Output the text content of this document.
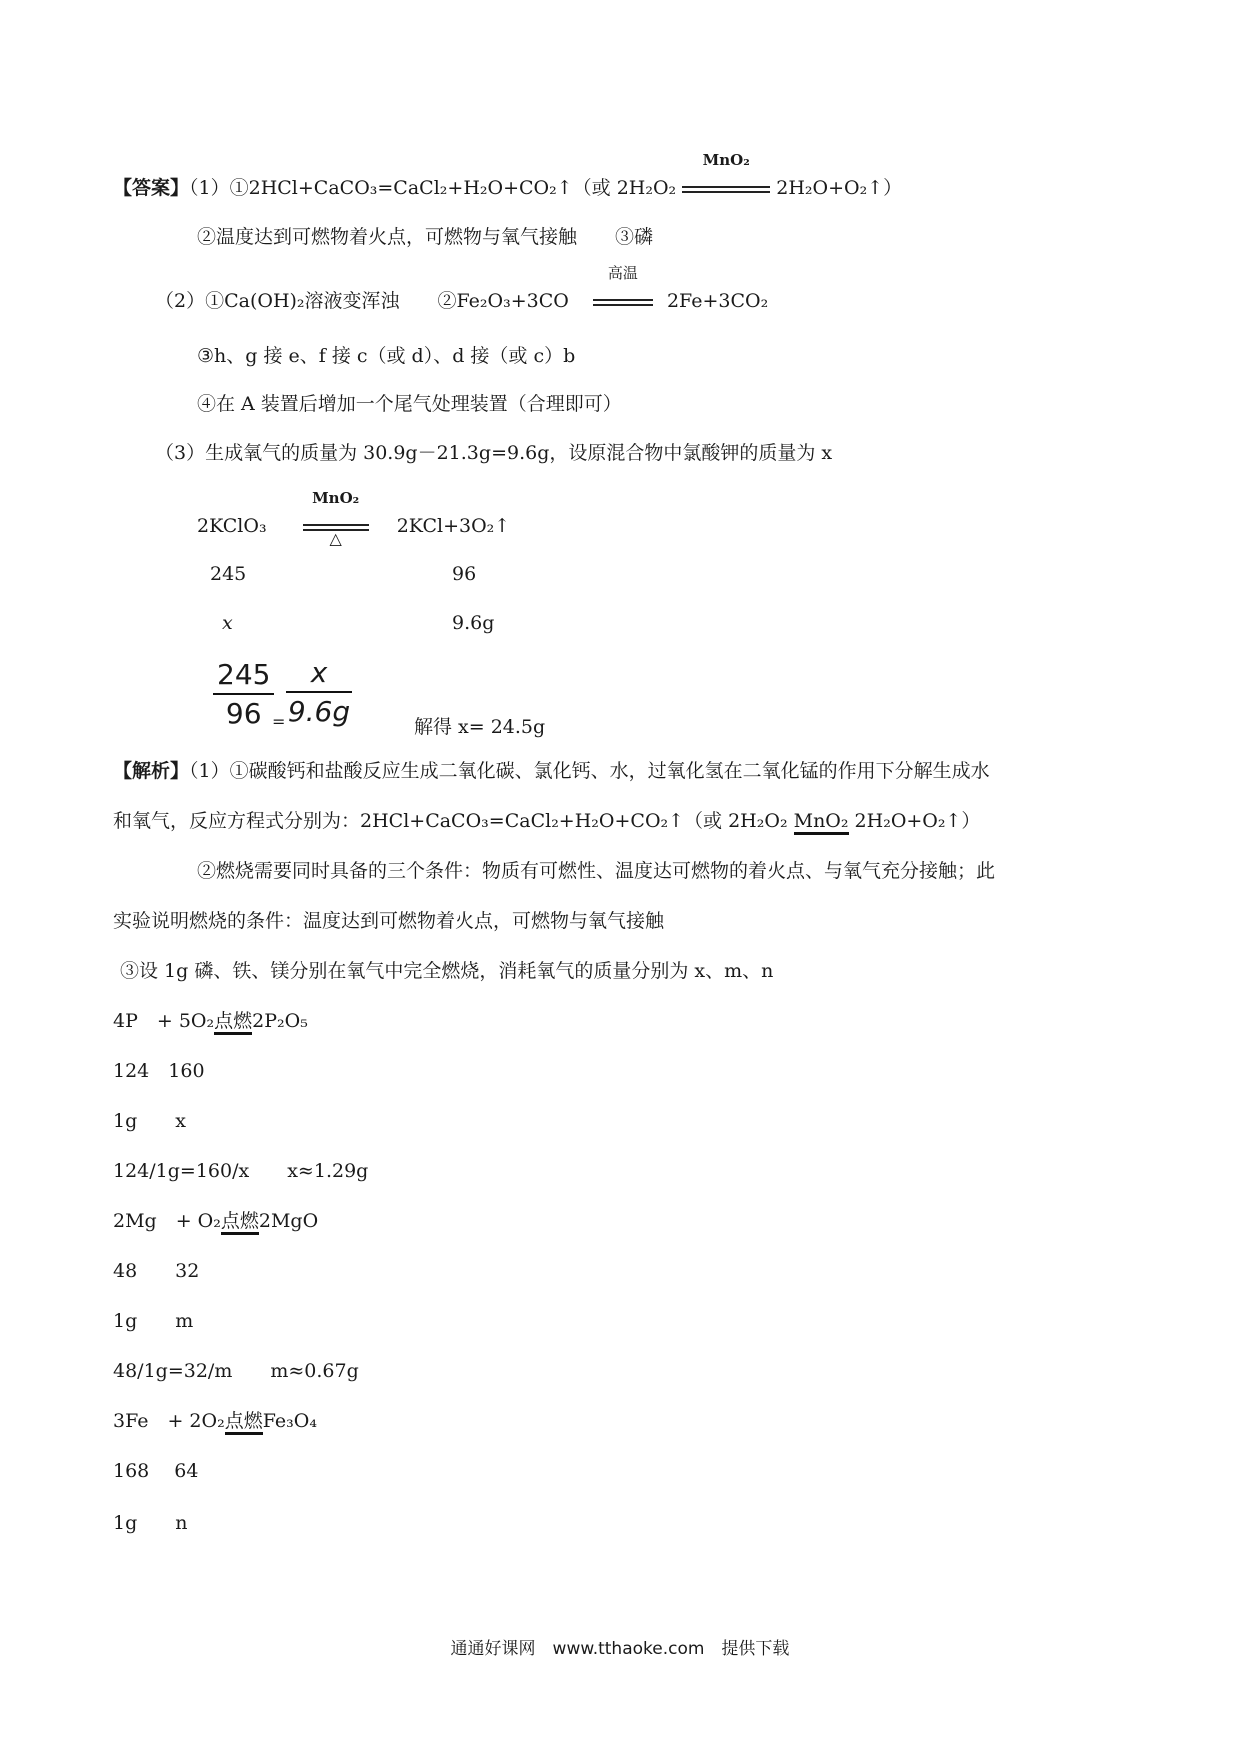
【答案】（1）①2HCl+CaCO₃=CaCl₂+H₂O+CO₂↑（或 2H₂O₂
MnO₂
2H₂O+O₂↑）
②温度达到可燃物着火点，可燃物与氧气接触　　③磷
（2）①Ca(OH)₂溶液变浑浊　　②Fe₂O₃+3CO
高温
2Fe+3CO₂
③h、g 接 e、f 接 c（或 d）、d 接（或 c）b
④在 A 装置后增加一个尾气处理装置（合理即可）
（3）生成氧气的质量为 30.9g－21.3g=9.6g，设原混合物中氯酸钾的质量为 x
2KClO₃
MnO₂
△
2KCl+3O₂↑
245	96
x	9.6g
$\frac{245}{96}$
= $\frac{x}{9.6g}$	解得 x= 24.5g
【解析】（1）①碳酸钙和盐酸反应生成二氧化碳、氯化钙、水，过氧化氢在二氧化锰的作用下分解生成水
和氧气，反应方程式分别为：2HCl+CaCO₃=CaCl₂+H₂O+CO₂↑（或 2H₂O₂ MnO₂ 2H₂O+O₂↑）
②燃烧需要同时具备的三个条件：物质有可燃性、温度达可燃物的着火点、与氧气充分接触；此
实验说明燃烧的条件：温度达到可燃物着火点，可燃物与氧气接触
③设 1g 磷、铁、镁分别在氧气中完全燃烧，消耗氧气的质量分别为 x、m、n
4P　+ 5O₂点燃2P₂O₅
124　160
1g　　x
124/1g=160/x　　x≈1.29g
2Mg　+ O₂点燃2MgO
48　　32
1g　　m
48/1g=32/m　　m≈0.67g
3Fe　+ 2O₂点燃Fe₃O₄
168　 64
1g　　n
通通好课网　www.tthaoke.com　提供下载
